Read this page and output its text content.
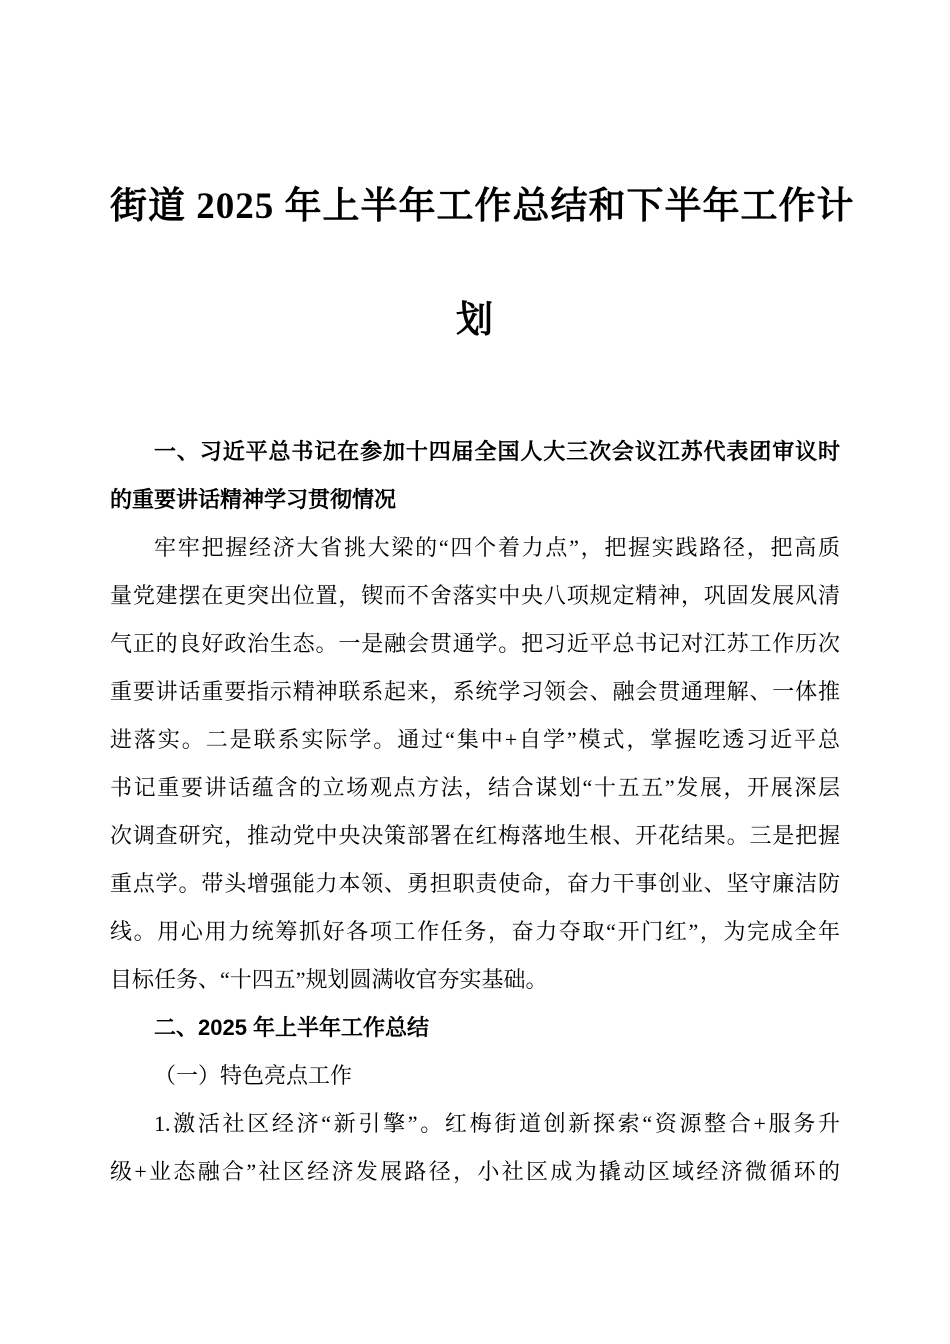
街道 2025 年上半年工作总结和下半年工作计
划
一、习近平总书记在参加十四届全国人大三次会议江苏代表团审议时
的重要讲话精神学习贯彻情况
牢牢把握经济大省挑大梁的“四个着力点”，把握实践路径，把高质
量党建摆在更突出位置，锲而不舍落实中央八项规定精神，巩固发展风清
气正的良好政治生态。一是融会贯通学。把习近平总书记对江苏工作历次
重要讲话重要指示精神联系起来，系统学习领会、融会贯通理解、一体推
进落实。二是联系实际学。通过“集中+自学”模式，掌握吃透习近平总
书记重要讲话蕴含的立场观点方法，结合谋划“十五五”发展，开展深层
次调查研究，推动党中央决策部署在红梅落地生根、开花结果。三是把握
重点学。带头增强能力本领、勇担职责使命，奋力干事创业、坚守廉洁防
线。用心用力统筹抓好各项工作任务，奋力夺取“开门红”，为完成全年
目标任务、“十四五”规划圆满收官夯实基础。
二、2025 年上半年工作总结
（一）特色亮点工作
1.激活社区经济“新引擎”。红梅街道创新探索“资源整合+服务升
级+业态融合”社区经济发展路径，小社区成为撬动区域经济微循环的
